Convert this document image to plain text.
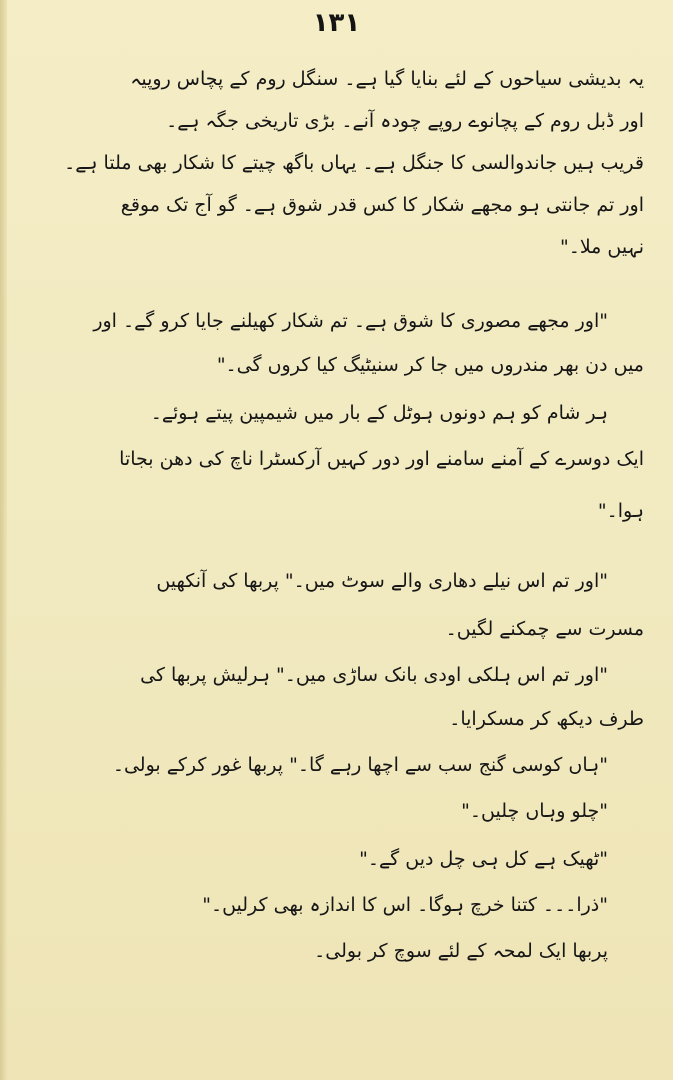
۱۳۱
یہ بدیشی سیاحوں کے لئے بنایا گیا ہے۔ سنگل روم کے پچاس روپیہ
اور ڈبل روم کے پچانوے روپے چودہ آنے۔ بڑی تاریخی جگہ ہے۔
قریب ہیں جاندوالسی کا جنگل ہے۔ یہاں باگھ چیتے کا شکار بھی ملتا ہے۔
اور تم جانتی ہو مجھے شکار کا کس قدر شوق ہے۔ گو آج تک موقع
نہیں ملا۔"
"اور مجھے مصوری کا شوق ہے۔ تم شکار کھیلنے جایا کرو گے۔ اور
میں دن بھر مندروں میں جا کر سنیٹیگ کیا کروں گی۔"
ہر شام کو ہم دونوں ہوٹل کے بار میں شیمپین پیتے ہوئے۔
ایک دوسرے کے آمنے سامنے اور دور کہیں آرکسٹرا ناچ کی دھن بجاتا
ہوا۔"
"اور تم اس نیلے دھاری والے سوٹ میں۔" پربھا کی آنکھیں
مسرت سے چمکنے لگیں۔
"اور تم اس ہلکی اودی بانک ساڑی میں۔" ہرلیش پربھا کی
طرف دیکھ کر مسکرایا۔
"ہاں کوسی گنج سب سے اچھا رہے گا۔" پربھا غور کرکے بولی۔
"چلو وہاں چلیں۔"
"ٹھیک ہے کل ہی چل دیں گے۔"
"ذرا۔۔۔ کتنا خرچ ہوگا۔ اس کا اندازہ بھی کرلیں۔"
پربھا ایک لمحہ کے لئے سوچ کر بولی۔
